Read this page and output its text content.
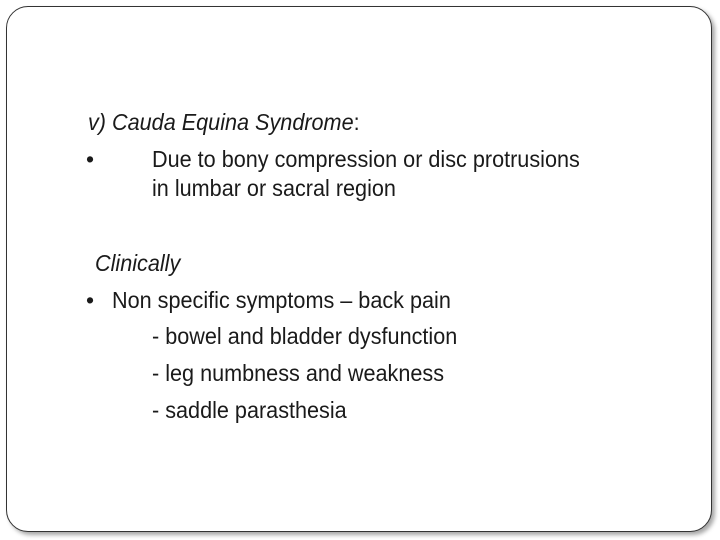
v) Cauda Equina Syndrome:
•	Due to bony compression or disc protrusions
in lumbar or sacral region
Clinically
• Non specific symptoms – back pain
- bowel and bladder dysfunction
- leg numbness and weakness
- saddle parasthesia
